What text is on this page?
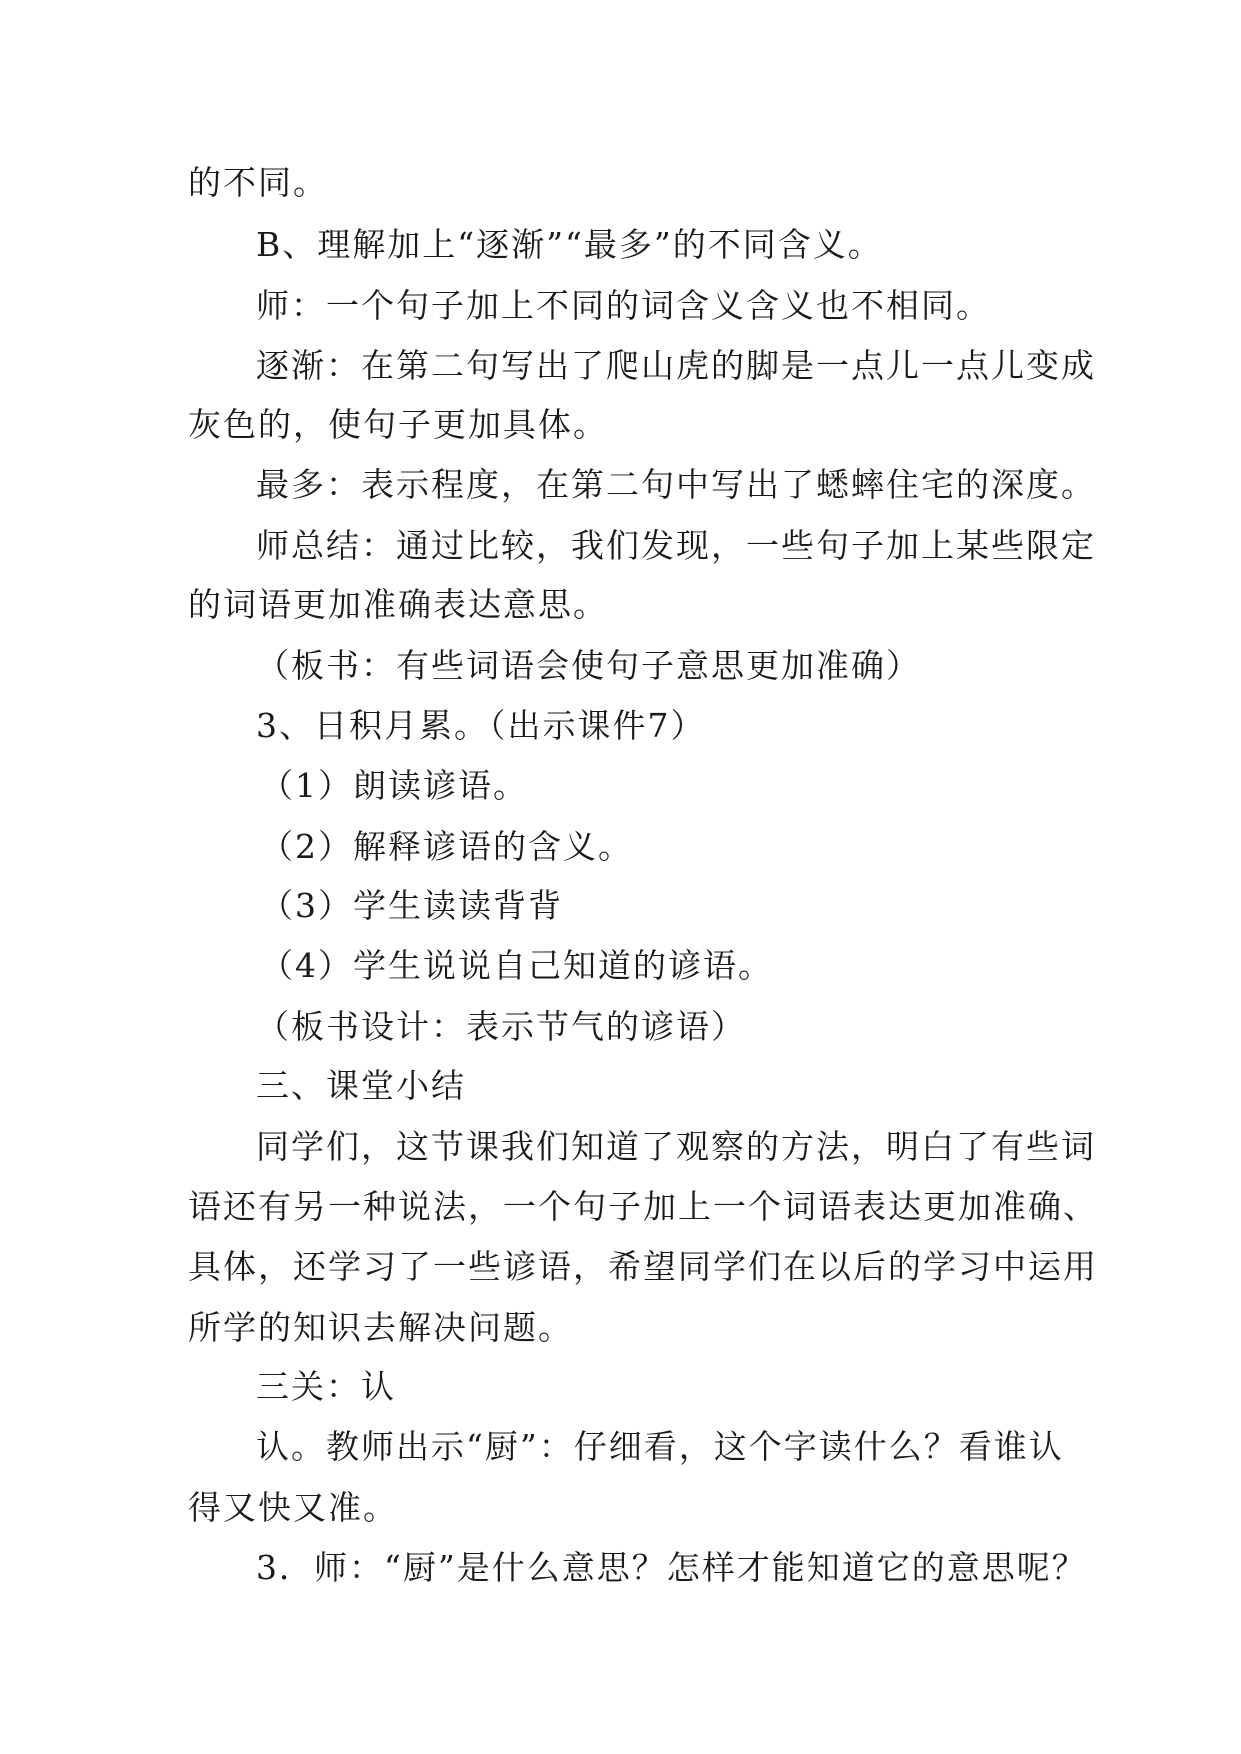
的不同。
B、理解加上“逐渐”“最多”的不同含义。
师：一个句子加上不同的词含义含义也不相同。
逐渐：在第二句写出了爬山虎的脚是一点儿一点儿变成
灰色的，使句子更加具体。
最多：表示程度，在第二句中写出了蟋蟀住宅的深度。
师总结：通过比较，我们发现，一些句子加上某些限定
的词语更加准确表达意思。
（板书：有些词语会使句子意思更加准确）
3、日积月累。（出示课件7）
（1）朗读谚语。
（2）解释谚语的含义。
（3）学生读读背背
（4）学生说说自己知道的谚语。
（板书设计：表示节气的谚语）
三、课堂小结
同学们，这节课我们知道了观察的方法，明白了有些词
语还有另一种说法，一个句子加上一个词语表达更加准确、
具体，还学习了一些谚语，希望同学们在以后的学习中运用
所学的知识去解决问题。
三关：认
认。教师出示“厨”：仔细看，这个字读什么？看谁认
得又快又准。
3．师：“厨”是什么意思？怎样才能知道它的意思呢？
